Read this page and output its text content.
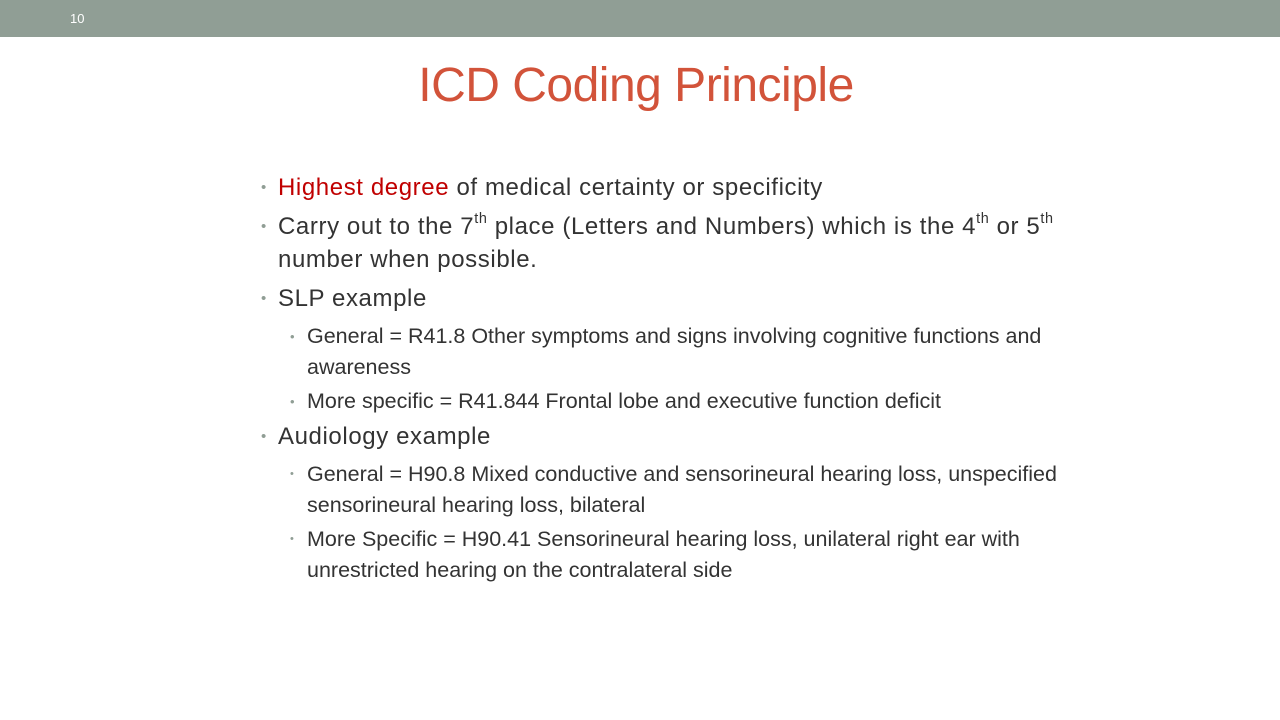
10
ICD Coding Principle
• Highest degree of medical certainty or specificity
• Carry out to the 7th place (Letters and Numbers) which is the 4th or 5th number when possible.
• SLP example
• General = R41.8 Other symptoms and signs involving cognitive functions and awareness
• More specific = R41.844 Frontal lobe and executive function deficit
• Audiology example
• General = H90.8 Mixed conductive and sensorineural hearing loss, unspecified sensorineural hearing loss, bilateral
• More Specific = H90.41 Sensorineural hearing loss, unilateral right ear with unrestricted hearing on the contralateral side
